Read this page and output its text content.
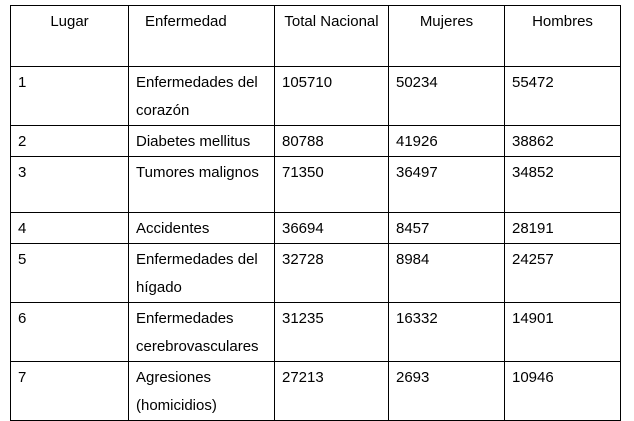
Lugar	Enfermedad	Total Nacional	Mujeres	Hombres
1	Enfermedades del corazón	105710	50234	55472
2	Diabetes mellitus	80788	41926	38862
3	Tumores malignos	71350	36497	34852
4	Accidentes	36694	8457	28191
5	Enfermedades del hígado	32728	8984	24257
6	Enfermedades cerebrovasculares	31235	16332	14901
7	Agresiones (homicidios)	27213	2693	10946
